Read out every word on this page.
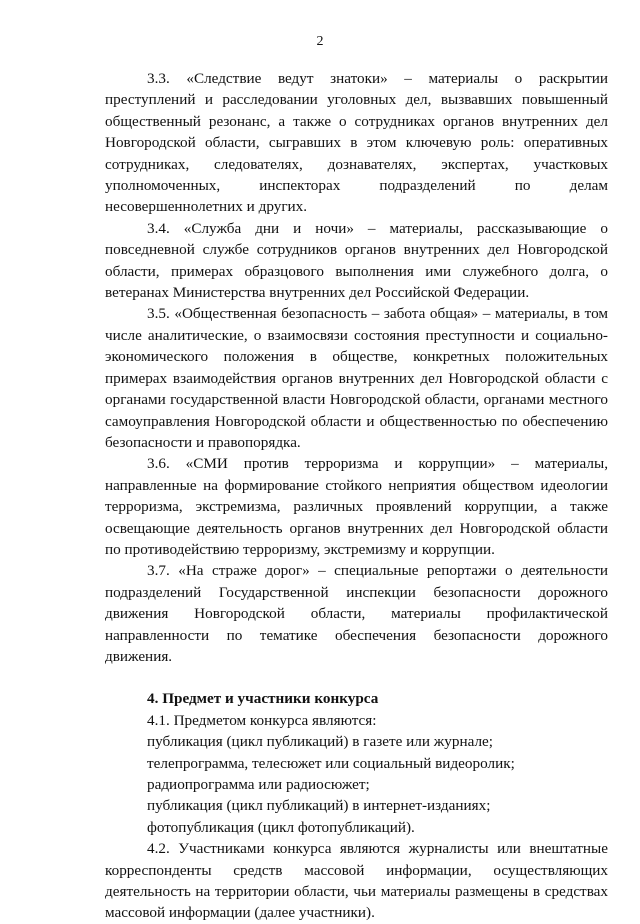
2

3.3. «Следствие ведут знатоки» – материалы о раскрытии преступлений и расследовании уголовных дел, вызвавших повышенный общественный резонанс, а также о сотрудниках органов внутренних дел Новгородской области, сыгравших в этом ключевую роль: оперативных сотрудниках, следователях, дознавателях, экспертах, участковых уполномоченных, инспекторах подразделений по делам несовершеннолетних и других.

3.4. «Служба дни и ночи» – материалы, рассказывающие о повседневной службе сотрудников органов внутренних дел Новгородской области, примерах образцового выполнения ими служебного долга, о ветеранах Министерства внутренних дел Российской Федерации.

3.5. «Общественная безопасность – забота общая» – материалы, в том числе аналитические, о взаимосвязи состояния преступности и социально-экономического положения в обществе, конкретных положительных примерах взаимодействия органов внутренних дел Новгородской области с органами государственной власти Новгородской области, органами местного самоуправления Новгородской области и общественностью по обеспечению безопасности и правопорядка.

3.6. «СМИ против терроризма и коррупции» – материалы, направленные на формирование стойкого неприятия обществом идеологии терроризма, экстремизма, различных проявлений коррупции, а также освещающие деятельность органов внутренних дел Новгородской области по противодействию терроризму, экстремизму и коррупции.

3.7. «На страже дорог» – специальные репортажи о деятельности подразделений Государственной инспекции безопасности дорожного движения Новгородской области, материалы профилактической направленности по тематике обеспечения безопасности дорожного движения.

4. Предмет и участники конкурса

4.1. Предметом конкурса являются:

публикация (цикл публикаций) в газете или журнале;

телепрограмма, телесюжет или социальный видеоролик;

радиопрограмма или радиосюжет;

публикация (цикл публикаций) в интернет-изданиях;

фотопубликация (цикл фотопубликаций).

4.2. Участниками конкурса являются журналисты или внештатные корреспонденты средств массовой информации, осуществляющих деятельность на территории области, чьи материалы размещены в средствах массовой информации (далее участники).
